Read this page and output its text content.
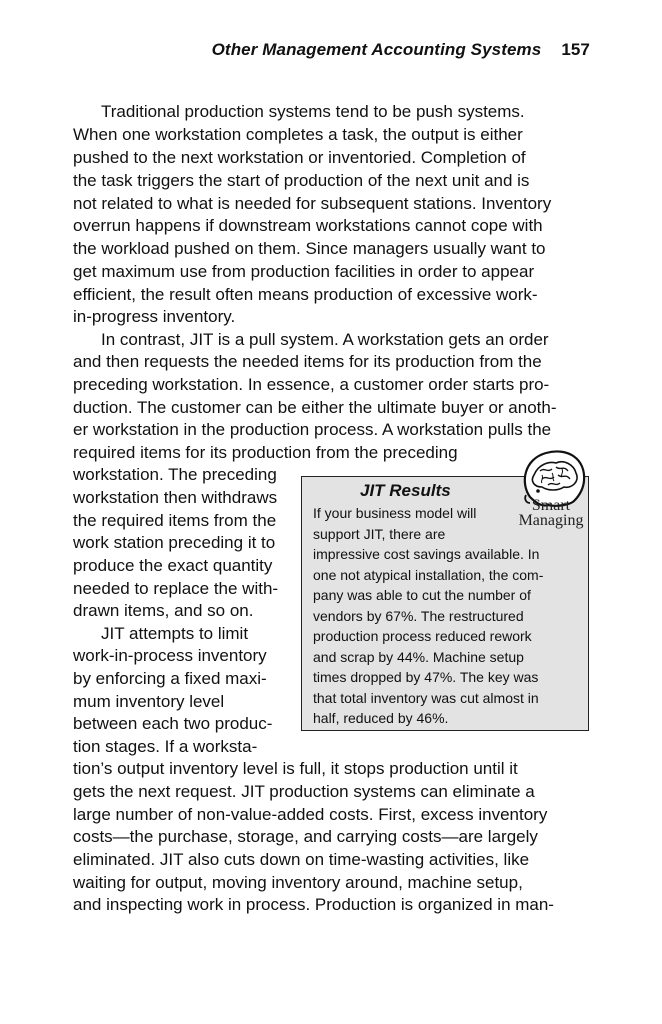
Other Management Accounting Systems 157
Traditional production systems tend to be push systems.
When one workstation completes a task, the output is either
pushed to the next workstation or inventoried. Completion of
the task triggers the start of production of the next unit and is
not related to what is needed for subsequent stations. Inventory
overrun happens if downstream workstations cannot cope with
the workload pushed on them. Since managers usually want to
get maximum use from production facilities in order to appear
efficient, the result often means production of excessive work-
in-progress inventory.
In contrast, JIT is a pull system. A workstation gets an order
and then requests the needed items for its production from the
preceding workstation. In essence, a customer order starts pro-
duction. The customer can be either the ultimate buyer or anoth-
er workstation in the production process. A workstation pulls the
required items for its production from the preceding
workstation. The preceding
workstation then withdraws
the required items from the
work station preceding it to
produce the exact quantity
needed to replace the with-
drawn items, and so on.
JIT attempts to limit
work-in-process inventory
by enforcing a fixed maxi-
mum inventory level
between each two produc-
tion stages. If a worksta-
tion’s output inventory level is full, it stops production until it
gets the next request. JIT production systems can eliminate a
large number of non-value-added costs. First, excess inventory
costs—the purchase, storage, and carrying costs—are largely
eliminated. JIT also cuts down on time-wasting activities, like
waiting for output, moving inventory around, machine setup,
and inspecting work in process. Production is organized in man-
JIT Results
If your business model will
support JIT, there are
impressive cost savings available. In
one not atypical installation, the com-
pany was able to cut the number of
vendors by 67%. The restructured
production process reduced rework
and scrap by 44%. Machine setup
times dropped by 47%. The key was
that total inventory was cut almost in
half, reduced by 46%.
Smart
Managing
